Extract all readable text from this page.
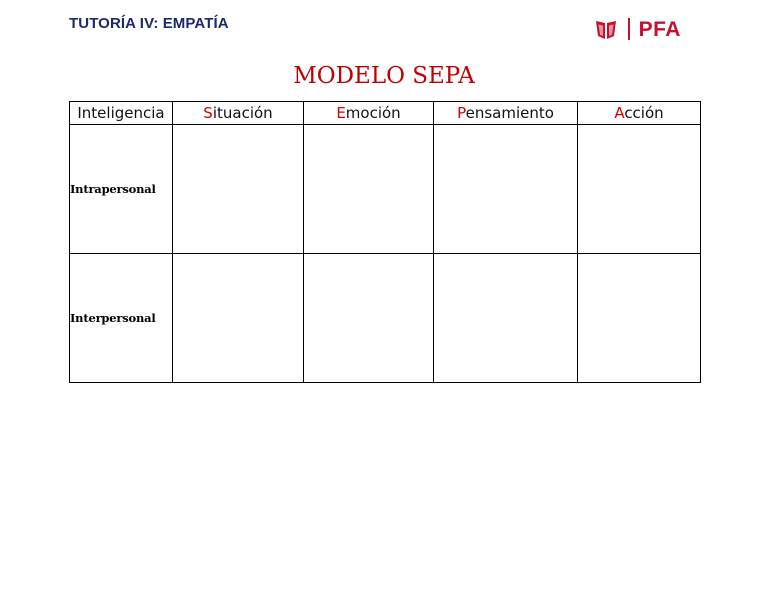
TUTORÍA IV: EMPATÍA	PFA
MODELO SEPA
Inteligencia	Situación	Emoción	Pensamiento	Acción
Intrapersonal				
Interpersonal				
